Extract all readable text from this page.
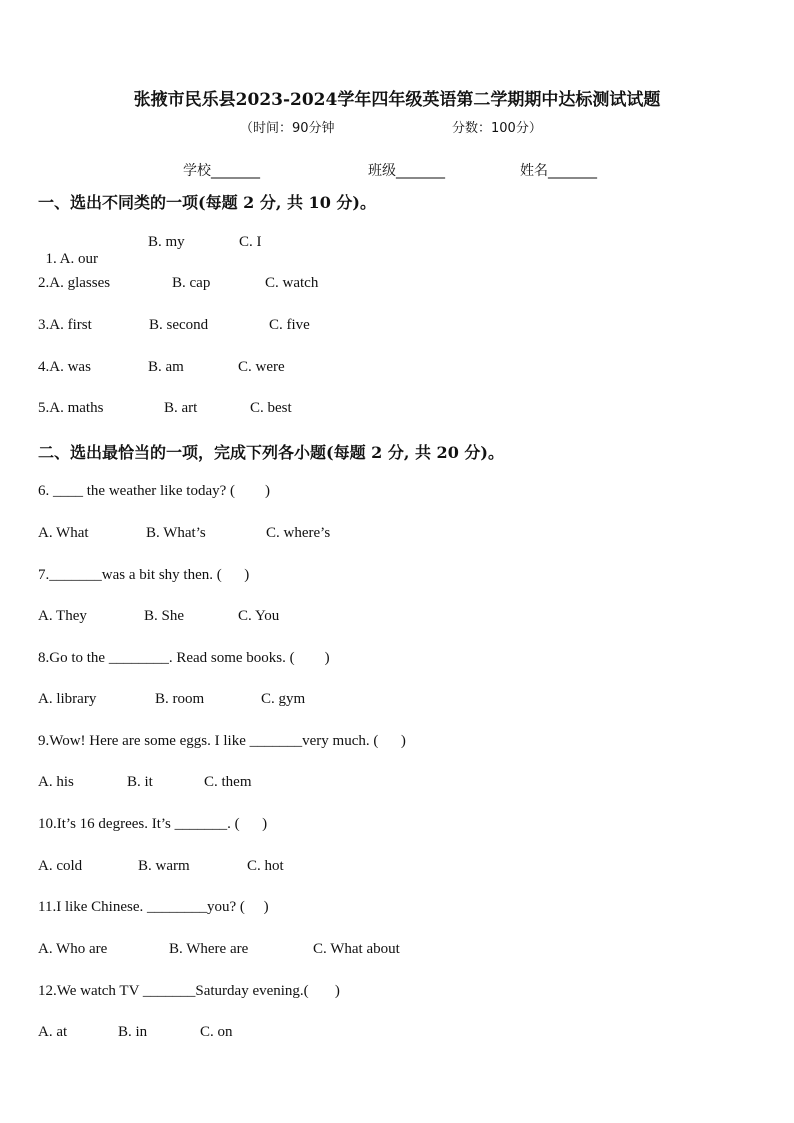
张掖市民乐县2023-2024学年四年级英语第二学期期中达标测试试题
（时间：90分钟	分数：100分）
学校_______	班级_______	姓名_______
一、选出不同类的一项(每题 2 分, 共 10 分)。

1. A. our

B. my	C. I
2.A. glasses	B. cap	C. watch
3.A. first	B. second	C. five
4.A. was	B. am	C. were
5.A. maths	B. art	C. best
二、选出最恰当的一项，完成下列各小题(每题 2 分, 共 20 分)。
6. ____ the weather like today? (        )
A. What	B. What’s	C. where’s
7._______was a bit shy then. (      )
A. They	B. She	C. You
8.Go to the ________. Read some books. (        )
A. library	B. room	C. gym
9.Wow! Here are some eggs. I like _______very much. (      )
A. his	B. it	C. them
10.It’s 16 degrees. It’s _______. (      )
A. cold	B. warm	C. hot
11.I like Chinese. ________you? (     )
A. Who are	B. Where are	C. What about
12.We watch TV _______Saturday evening.(       )
A. at	B. in	C. on
